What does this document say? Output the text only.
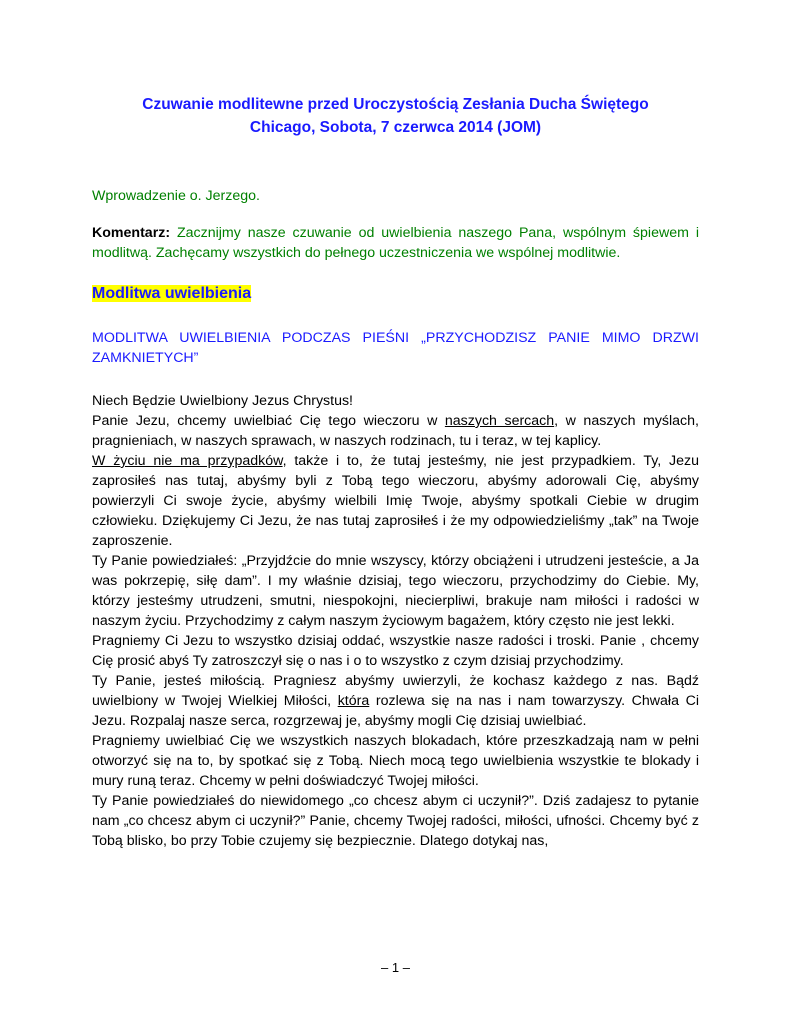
Czuwanie modlitewne przed Uroczystością Zesłania Ducha Świętego
Chicago, Sobota, 7 czerwca 2014 (JOM)

Wprowadzenie o. Jerzego.

Komentarz: Zacznijmy nasze czuwanie od uwielbienia naszego Pana, wspólnym śpiewem i modlitwą. Zachęcamy wszystkich do pełnego uczestniczenia we wspólnej modlitwie.

Modlitwa uwielbienia

MODLITWA UWIELBIENIA PODCZAS PIEŚNI „PRZYCHODZISZ PANIE MIMO DRZWI ZAMKNIETYCH”

Niech Będzie Uwielbiony Jezus Chrystus!

Panie Jezu, chcemy uwielbiać Cię tego wieczoru w naszych sercach, w naszych myślach, pragnieniach, w naszych sprawach, w naszych rodzinach, tu i teraz, w tej kaplicy.

W życiu nie ma przypadków, także i to, że tutaj jesteśmy, nie jest przypadkiem. Ty, Jezu zaprosiłeś nas tutaj, abyśmy byli z Tobą tego wieczoru, abyśmy adorowali Cię, abyśmy powierzyli Ci swoje życie, abyśmy wielbili Imię Twoje, abyśmy spotkali Ciebie w drugim człowieku. Dziękujemy Ci Jezu, że nas tutaj zaprosiłeś i że my odpowiedzieliśmy „tak” na Twoje zaproszenie.

Ty Panie powiedziałeś: „Przyjdźcie do mnie wszyscy, którzy obciążeni i utrudzeni jesteście, a Ja was pokrzepię, siłę dam”. I my właśnie dzisiaj, tego wieczoru, przychodzimy do Ciebie. My, którzy jesteśmy utrudzeni, smutni, niespokojni, niecierpliwi, brakuje nam miłości i radości w naszym życiu. Przychodzimy z całym naszym życiowym bagażem, który często nie jest lekki.

Pragniemy Ci Jezu to wszystko dzisiaj oddać, wszystkie nasze radości i troski. Panie , chcemy Cię prosić abyś Ty zatroszczył się o nas i o to wszystko z czym dzisiaj przychodzimy.

Ty Panie, jesteś miłością. Pragniesz abyśmy uwierzyli, że kochasz każdego z nas. Bądź uwielbiony w Twojej Wielkiej Miłości, która rozlewa się na nas i nam towarzyszy. Chwała Ci Jezu. Rozpalaj nasze serca, rozgrzewaj je, abyśmy mogli Cię dzisiaj uwielbiać.

Pragniemy uwielbiać Cię we wszystkich naszych blokadach, które przeszkadzają nam w pełni otworzyć się na to, by spotkać się z Tobą. Niech mocą tego uwielbienia wszystkie te blokady i mury runą teraz. Chcemy w pełni doświadczyć Twojej miłości.

Ty Panie powiedziałeś do niewidomego „co chcesz abym ci uczynił?”. Dziś zadajesz to pytanie nam „co chcesz abym ci uczynił?” Panie, chcemy Twojej radości, miłości, ufności. Chcemy być z Tobą blisko, bo przy Tobie czujemy się bezpiecznie. Dlatego dotykaj nas,

– 1 –
